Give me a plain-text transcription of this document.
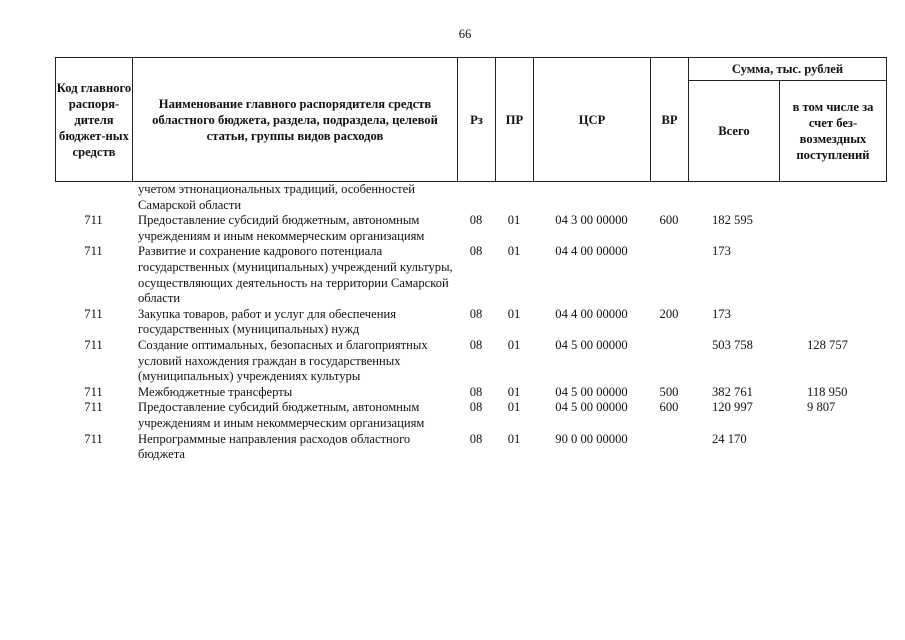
66
Код главного распоря-дителя бюджет-ных средств	Наименование главного распорядителя средств областного бюджета, раздела, подраздела, целевой статьи, группы видов расходов	Рз	ПР	ЦСР	ВР	Сумма, тыс. рублей	
						Всего	в том числе за счет без-возмездных поступлений
	учетом этнонациональных традиций, особенностей Самарской области						
711	Предоставление субсидий бюджетным, автономным учреждениям и иным некоммерческим организациям	08	01	04 3 00 00000	600	182 595	
711	Развитие и сохранение кадрового потенциала государственных (муниципальных) учреждений культуры, осуществляющих деятельность на территории Самарской области	08	01	04 4 00 00000		173	
711	Закупка товаров, работ и услуг для обеспечения государственных (муниципальных) нужд	08	01	04 4 00 00000	200	173	
711	Создание оптимальных, безопасных и благоприятных условий нахождения граждан в государственных (муниципальных) учреждениях культуры	08	01	04 5 00 00000		503 758	128 757
711	Межбюджетные трансферты	08	01	04 5 00 00000	500	382 761	118 950
711	Предоставление субсидий бюджетным, автономным учреждениям и иным некоммерческим организациям	08	01	04 5 00 00000	600	120 997	9 807
711	Непрограммные направления расходов областного бюджета	08	01	90 0 00 00000		24 170	
